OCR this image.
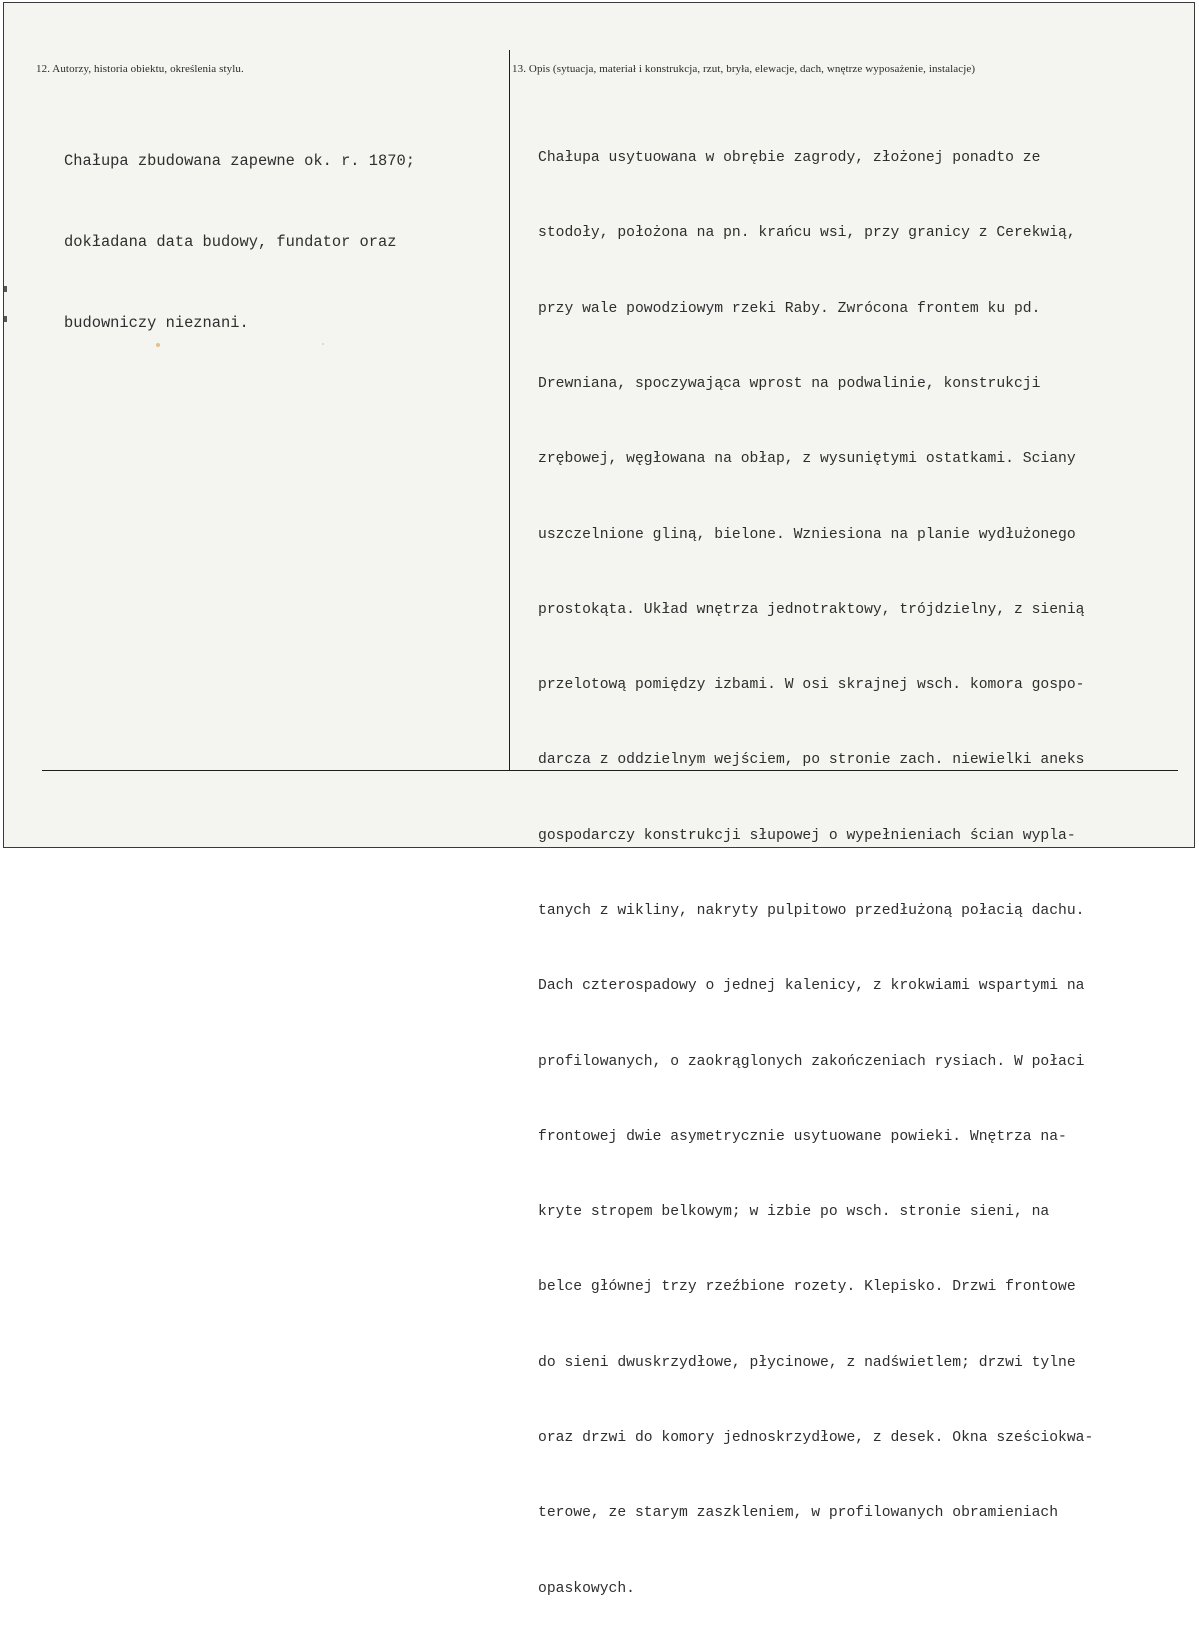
12. Autorzy, historia obiektu, określenia stylu.	13. Opis (sytuacja, materiał i konstrukcja, rzut, bryła, elewacje, dach, wnętrze wyposażenie, instalacje)

Chałupa zbudowana zapewne ok. r. 1870;

dokładana data budowy, fundator oraz

budowniczy nieznani.

Chałupa usytuowana w obrębie zagrody, złożonej ponadto ze

stodoły, położona na pn. krańcu wsi, przy granicy z Cerekwią,

przy wale powodziowym rzeki Raby. Zwrócona frontem ku pd.

Drewniana, spoczywająca wprost na podwalinie, konstrukcji

zrębowej, węgłowana na obłap, z wysuniętymi ostatkami. Sciany

uszczelnione gliną, bielone. Wzniesiona na planie wydłużonego

prostokąta. Układ wnętrza jednotraktowy, trójdzielny, z sienią

przelotową pomiędzy izbami. W osi skrajnej wsch. komora gospo-

darcza z oddzielnym wejściem, po stronie zach. niewielki aneks

gospodarczy konstrukcji słupowej o wypełnieniach ścian wypla-

tanych z wikliny, nakryty pulpitowo przedłużoną połacią dachu.

Dach czterospadowy o jednej kalenicy, z krokwiami wspartymi na

profilowanych, o zaokrąglonych zakończeniach rysiach. W połaci

frontowej dwie asymetrycznie usytuowane powieki. Wnętrza na-

kryte stropem belkowym; w izbie po wsch. stronie sieni, na

belce głównej trzy rzeźbione rozety. Klepisko. Drzwi frontowe

do sieni dwuskrzydłowe, płycinowe, z nadświetlem; drzwi tylne

oraz drzwi do komory jednoskrzydłowe, z desek. Okna sześciokwa-

terowe, ze starym zaszkleniem, w profilowanych obramieniach

opaskowych.
